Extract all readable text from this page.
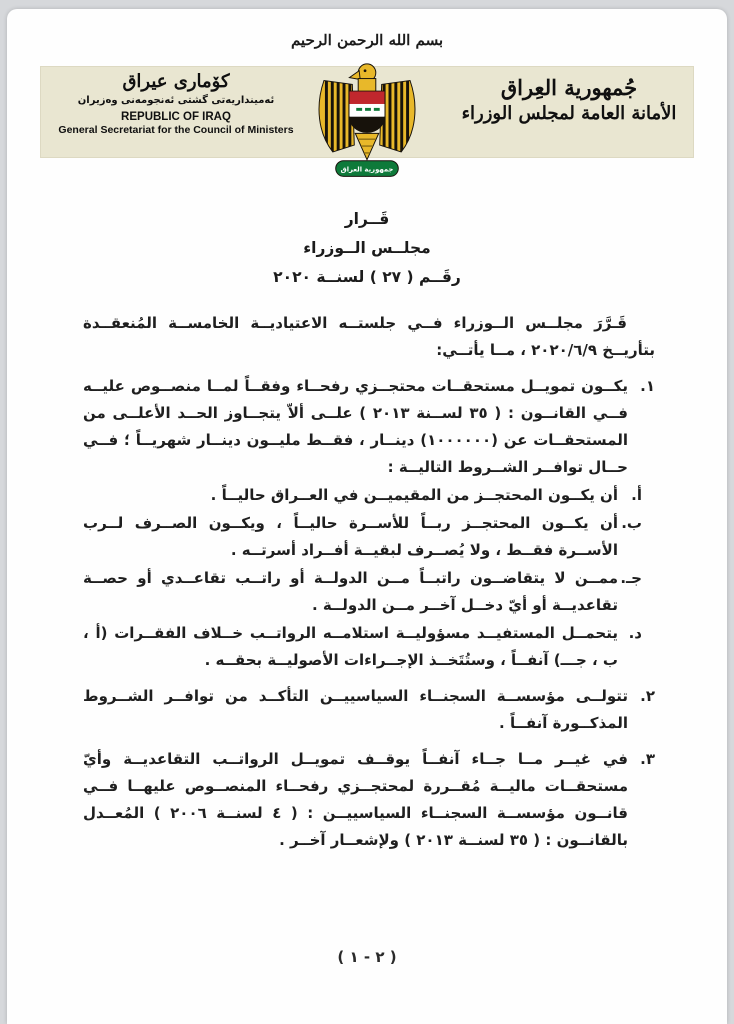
بسم الله الرحمن الرحيم
كۆماری عیراق
ئەمینداریەتی گشتی ئەنجومەنی وەزیران
REPUBLIC OF IRAQ
General Secretariat for the Council of Ministers
جمهورية العراق
جُمهورية العِراق
الأمانة العامة لمجلس الوزراء
قَــرار
مجلــس الــوزراء
رقَــم ( ٢٧ ) لسنــة ٢٠٢٠

قَـرَّرَ مجلــس الــوزراء فــي جلستــه الاعتياديــة الخامســة المُنعقــدة بتأريــخ ٢٠٢٠/٦/٩ ، مــا يأتــي:

١.
يكــون تمويــل مستحقــات محتجــزي رفحــاء وفقــاً لمــا منصــوص عليــه فــي القانــون : ( ٣٥ لســنة ٢٠١٣ ) علــى ألاّ يتجــاوز الحــد الأعلــى من المستحقــات عن (١٠٠٠٠٠٠) دينــار ، فقــط مليــون دينــار شهريــاً ؛ فــي حــال توافــر الشــروط التاليــة :
أ.
أن يكــون المحتجــز من المقيميــن في العــراق حاليــاً .
ب.
أن يكــون المحتجــز ربــاً للأســرة حاليــاً ، ويكــون الصــرف لــرب الأســرة فقــط ، ولا يُصــرف لبقيــة أفــراد أسرتــه .
جـ.
ممــن لا يتقاضــون راتبــاً مــن الدولــة أو راتــب تقاعــدي أو حصــة تقاعديــة أو أيّ دخــل آخــر مــن الدولــة .
د.
يتحمــل المستفيــد مسؤوليــة استلامــه الرواتــب خــلاف الفقــرات (أ ، ب ، جـــ) آنفــاً ، وستُتَخــذ الإجــراءات الأصوليــة بحقــه .
٢.
تتولــى مؤسســة السجنــاء السياسييــن التأكــد من توافــر الشــروط المذكــورة آنفــاً .
٣.
في غيــر مــا جــاء آنفــاً يوقــف تمويــل الرواتــب التقاعديــة وأيّ مستحقــات ماليــة مُقــررة لمحتجــزي رفحــاء المنصــوص عليهــا فــي قانــون مؤسســة السجنــاء السياسييــن : ( ٤ لسنــة ٢٠٠٦ ) المُعــدل بالقانــون : ( ٣٥ لسنــة ٢٠١٣ ) ولإشعــار آخــر .
( ٢ - ١ )
